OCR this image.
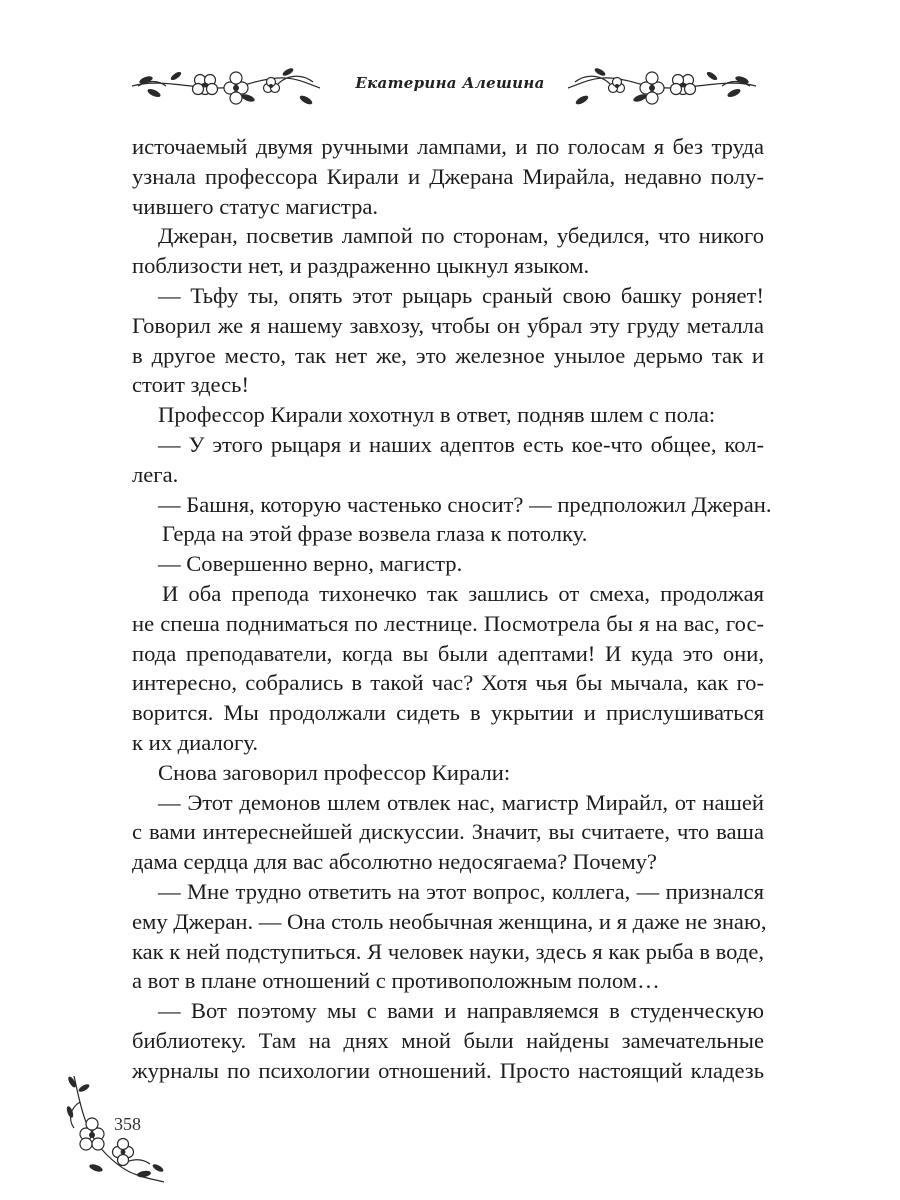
Екатерина Алешина
источаемый двумя ручными лампами, и по голосам я без труда
узнала профессора Кирали и Джерана Мирайла, недавно полу-
чившего статус магистра.
Джеран, посветив лампой по сторонам, убедился, что никого
поблизости нет, и раздраженно цыкнул языком.
— Тьфу ты, опять этот рыцарь сраный свою башку роняет!
Говорил же я нашему завхозу, чтобы он убрал эту груду металла
в другое место, так нет же, это железное унылое дерьмо так и
стоит здесь!
Профессор Кирали хохотнул в ответ, подняв шлем с пола:
— У этого рыцаря и наших адептов есть кое-что общее, кол-
лега.
— Башня, которую частенько сносит? — предположил Джеран.
Герда на этой фразе возвела глаза к потолку.
— Совершенно верно, магистр.
И оба препода тихонечко так зашлись от смеха, продолжая
не спеша подниматься по лестнице. Посмотрела бы я на вас, гос-
пода преподаватели, когда вы были адептами! И куда это они,
интересно, собрались в такой час? Хотя чья бы мычала, как го-
ворится. Мы продолжали сидеть в укрытии и прислушиваться
к их диалогу.
Снова заговорил профессор Кирали:
— Этот демонов шлем отвлек нас, магистр Мирайл, от нашей
с вами интереснейшей дискуссии. Значит, вы считаете, что ваша
дама сердца для вас абсолютно недосягаема? Почему?
— Мне трудно ответить на этот вопрос, коллега, — признался
ему Джеран. — Она столь необычная женщина, и я даже не знаю,
как к ней подступиться. Я человек науки, здесь я как рыба в воде,
а вот в плане отношений с противоположным полом…
— Вот поэтому мы с вами и направляемся в студенческую
библиотеку. Там на днях мной были найдены замечательные
журналы по психологии отношений. Просто настоящий кладезь
358
